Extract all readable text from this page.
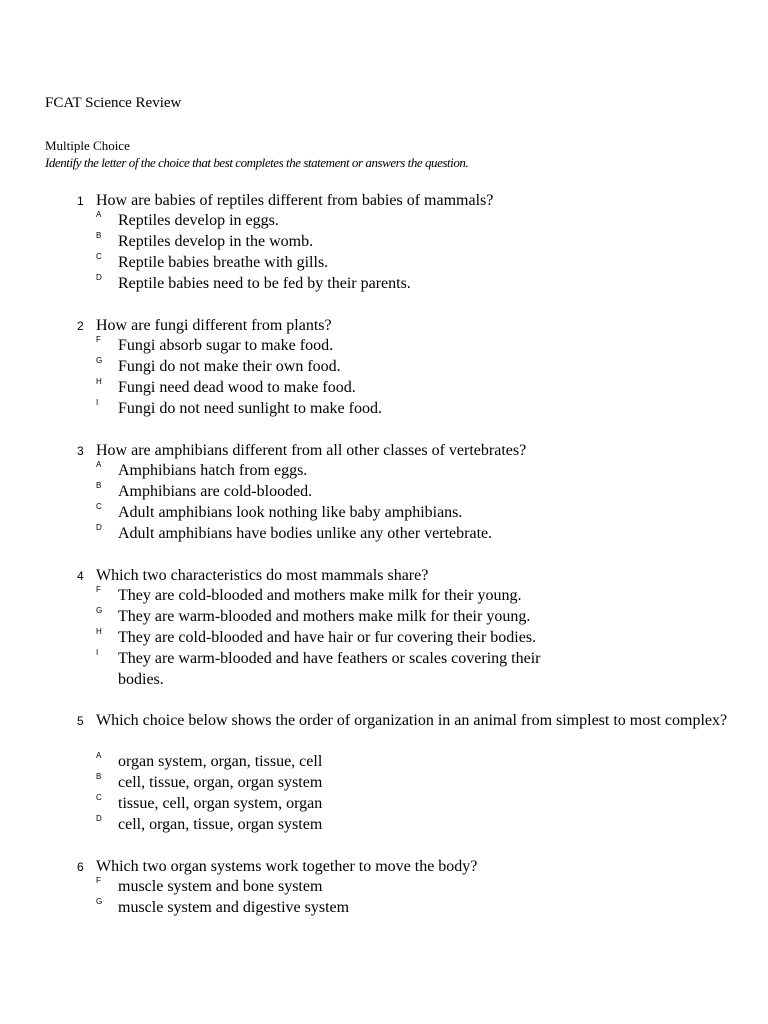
FCAT Science Review
Multiple Choice
Identify the letter of the choice that best completes the statement or answers the question.
1 How are babies of reptiles different from babies of mammals?
A Reptiles develop in eggs.
B Reptiles develop in the womb.
C Reptile babies breathe with gills.
D Reptile babies need to be fed by their parents.
2 How are fungi different from plants?
F Fungi absorb sugar to make food.
G Fungi do not make their own food.
H Fungi need dead wood to make food.
I Fungi do not need sunlight to make food.
3 How are amphibians different from all other classes of vertebrates?
A Amphibians hatch from eggs.
B Amphibians are cold-blooded.
C Adult amphibians look nothing like baby amphibians.
D Adult amphibians have bodies unlike any other vertebrate.
4 Which two characteristics do most mammals share?
F They are cold-blooded and mothers make milk for their young.
G They are warm-blooded and mothers make milk for their young.
H They are cold-blooded and have hair or fur covering their bodies.
I They are warm-blooded and have feathers or scales covering their bodies.
5 Which choice below shows the order of organization in an animal from simplest to most complex?
A organ system, organ, tissue, cell
B cell, tissue, organ, organ system
C tissue, cell, organ system, organ
D cell, organ, tissue, organ system
6 Which two organ systems work together to move the body?
F muscle system and bone system
G muscle system and digestive system
